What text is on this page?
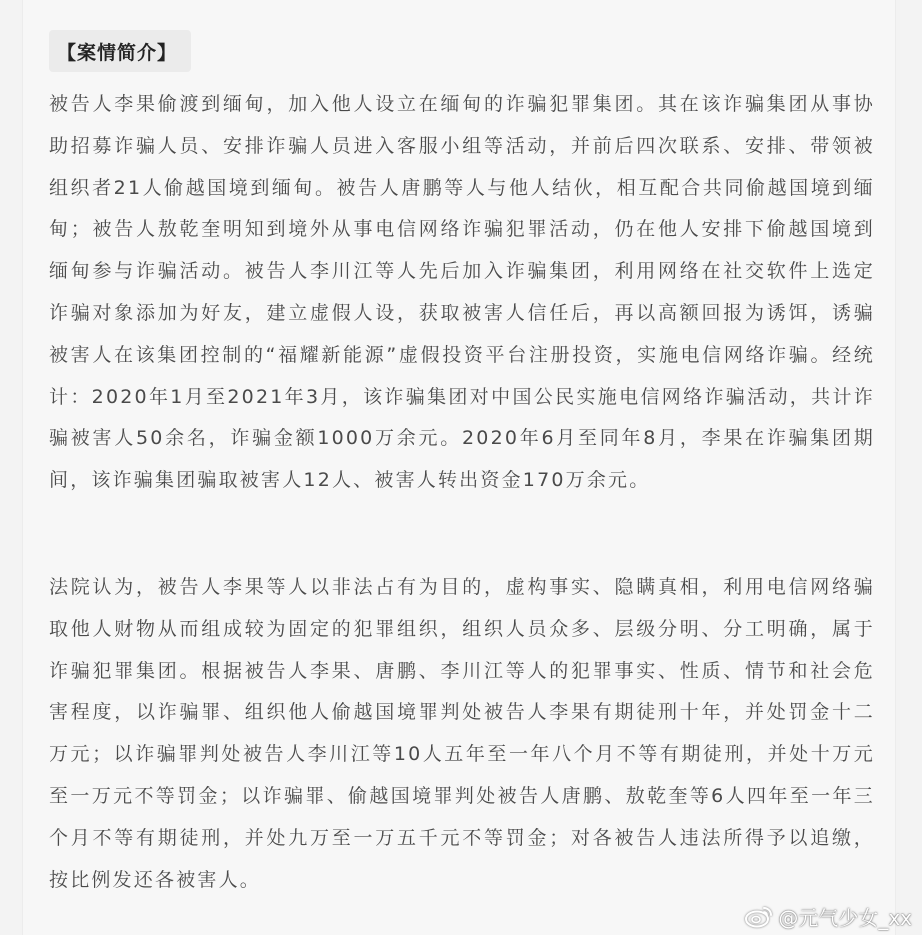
【案情简介】

被告人李果偷渡到缅甸，加入他人设立在缅甸的诈骗犯罪集团。其在该诈骗集团从事协助招募诈骗人员、安排诈骗人员进入客服小组等活动，并前后四次联系、安排、带领被组织者21人偷越国境到缅甸。被告人唐鹏等人与他人结伙，相互配合共同偷越国境到缅甸；被告人敖乾奎明知到境外从事电信网络诈骗犯罪活动，仍在他人安排下偷越国境到缅甸参与诈骗活动。被告人李川江等人先后加入诈骗集团，利用网络在社交软件上选定诈骗对象添加为好友，建立虚假人设，获取被害人信任后，再以高额回报为诱饵，诱骗被害人在该集团控制的“福耀新能源”虚假投资平台注册投资，实施电信网络诈骗。经统计：2020年1月至2021年3月，该诈骗集团对中国公民实施电信网络诈骗活动，共计诈骗被害人50余名，诈骗金额1000万余元。2020年6月至同年8月，李果在诈骗集团期间，该诈骗集团骗取被害人12人、被害人转出资金170万余元。

法院认为，被告人李果等人以非法占有为目的，虚构事实、隐瞒真相，利用电信网络骗取他人财物从而组成较为固定的犯罪组织，组织人员众多、层级分明、分工明确，属于诈骗犯罪集团。根据被告人李果、唐鹏、李川江等人的犯罪事实、性质、情节和社会危害程度，以诈骗罪、组织他人偷越国境罪判处被告人李果有期徒刑十年，并处罚金十二万元；以诈骗罪判处被告人李川江等10人五年至一年八个月不等有期徒刑，并处十万元至一万元不等罚金；以诈骗罪、偷越国境罪判处被告人唐鹏、敖乾奎等6人四年至一年三个月不等有期徒刑，并处九万至一万五千元不等罚金；对各被告人违法所得予以追缴，按比例发还各被害人。

@元气少女_xx
